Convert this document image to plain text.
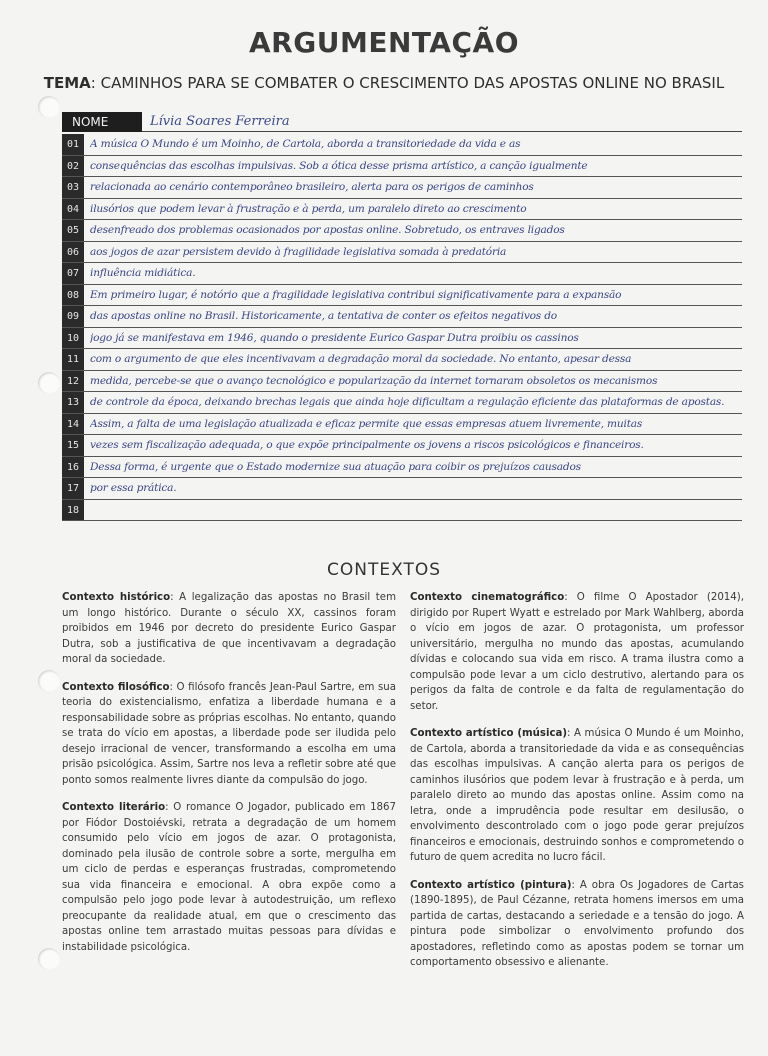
ARGUMENTAÇÃO
TEMA: CAMINHOS PARA SE COMBATER O CRESCIMENTO DAS APOSTAS ONLINE NO BRASIL
NOME	Lívia Soares Ferreira
01	A música O Mundo é um Moinho, de Cartola, aborda a transitoriedade da vida e as
02	consequências das escolhas impulsivas. Sob a ótica desse prisma artístico, a canção igualmente
03	relacionada ao cenário contemporâneo brasileiro, alerta para os perigos de caminhos
04	ilusórios que podem levar à frustração e à perda, um paralelo direto ao crescimento
05	desenfreado dos problemas ocasionados por apostas online. Sobretudo, os entraves ligados
06	aos jogos de azar persistem devido à fragilidade legislativa somada à predatória
07	influência midiática.
08	Em primeiro lugar, é notório que a fragilidade legislativa contribui significativamente para a expansão
09	das apostas online no Brasil. Historicamente, a tentativa de conter os efeitos negativos do
10	jogo já se manifestava em 1946, quando o presidente Eurico Gaspar Dutra proibiu os cassinos
11	com o argumento de que eles incentivavam a degradação moral da sociedade. No entanto, apesar dessa
12	medida, percebe-se que o avanço tecnológico e popularização da internet tornaram obsoletos os mecanismos
13	de controle da época, deixando brechas legais que ainda hoje dificultam a regulação eficiente das plataformas de apostas.
14	Assim, a falta de uma legislação atualizada e eficaz permite que essas empresas atuem livremente, muitas
15	vezes sem fiscalização adequada, o que expõe principalmente os jovens a riscos psicológicos e financeiros.
16	Dessa forma, é urgente que o Estado modernize sua atuação para coibir os prejuízos causados
17	por essa prática.
18
CONTEXTOS

Contexto histórico: A legalização das apostas no Brasil tem um longo histórico. Durante o século XX, cassinos foram proibidos em 1946 por decreto do presidente Eurico Gaspar Dutra, sob a justificativa de que incentivavam a degradação moral da sociedade.

Contexto filosófico: O filósofo francês Jean-Paul Sartre, em sua teoria do existencialismo, enfatiza a liberdade humana e a responsabilidade sobre as próprias escolhas. No entanto, quando se trata do vício em apostas, a liberdade pode ser iludida pelo desejo irracional de vencer, transformando a escolha em uma prisão psicológica. Assim, Sartre nos leva a refletir sobre até que ponto somos realmente livres diante da compulsão do jogo.

Contexto literário: O romance O Jogador, publicado em 1867 por Fiódor Dostoiévski, retrata a degradação de um homem consumido pelo vício em jogos de azar. O protagonista, dominado pela ilusão de controle sobre a sorte, mergulha em um ciclo de perdas e esperanças frustradas, comprometendo sua vida financeira e emocional. A obra expõe como a compulsão pelo jogo pode levar à autodestruição, um reflexo preocupante da realidade atual, em que o crescimento das apostas online tem arrastado muitas pessoas para dívidas e instabilidade psicológica.

Contexto cinematográfico: O filme O Apostador (2014), dirigido por Rupert Wyatt e estrelado por Mark Wahlberg, aborda o vício em jogos de azar. O protagonista, um professor universitário, mergulha no mundo das apostas, acumulando dívidas e colocando sua vida em risco. A trama ilustra como a compulsão pode levar a um ciclo destrutivo, alertando para os perigos da falta de controle e da falta de regulamentação do setor.

Contexto artístico (música): A música O Mundo é um Moinho, de Cartola, aborda a transitoriedade da vida e as consequências das escolhas impulsivas. A canção alerta para os perigos de caminhos ilusórios que podem levar à frustração e à perda, um paralelo direto ao mundo das apostas online. Assim como na letra, onde a imprudência pode resultar em desilusão, o envolvimento descontrolado com o jogo pode gerar prejuízos financeiros e emocionais, destruindo sonhos e comprometendo o futuro de quem acredita no lucro fácil.

Contexto artístico (pintura): A obra Os Jogadores de Cartas (1890-1895), de Paul Cézanne, retrata homens imersos em uma partida de cartas, destacando a seriedade e a tensão do jogo. A pintura pode simbolizar o envolvimento profundo dos apostadores, refletindo como as apostas podem se tornar um comportamento obsessivo e alienante.
